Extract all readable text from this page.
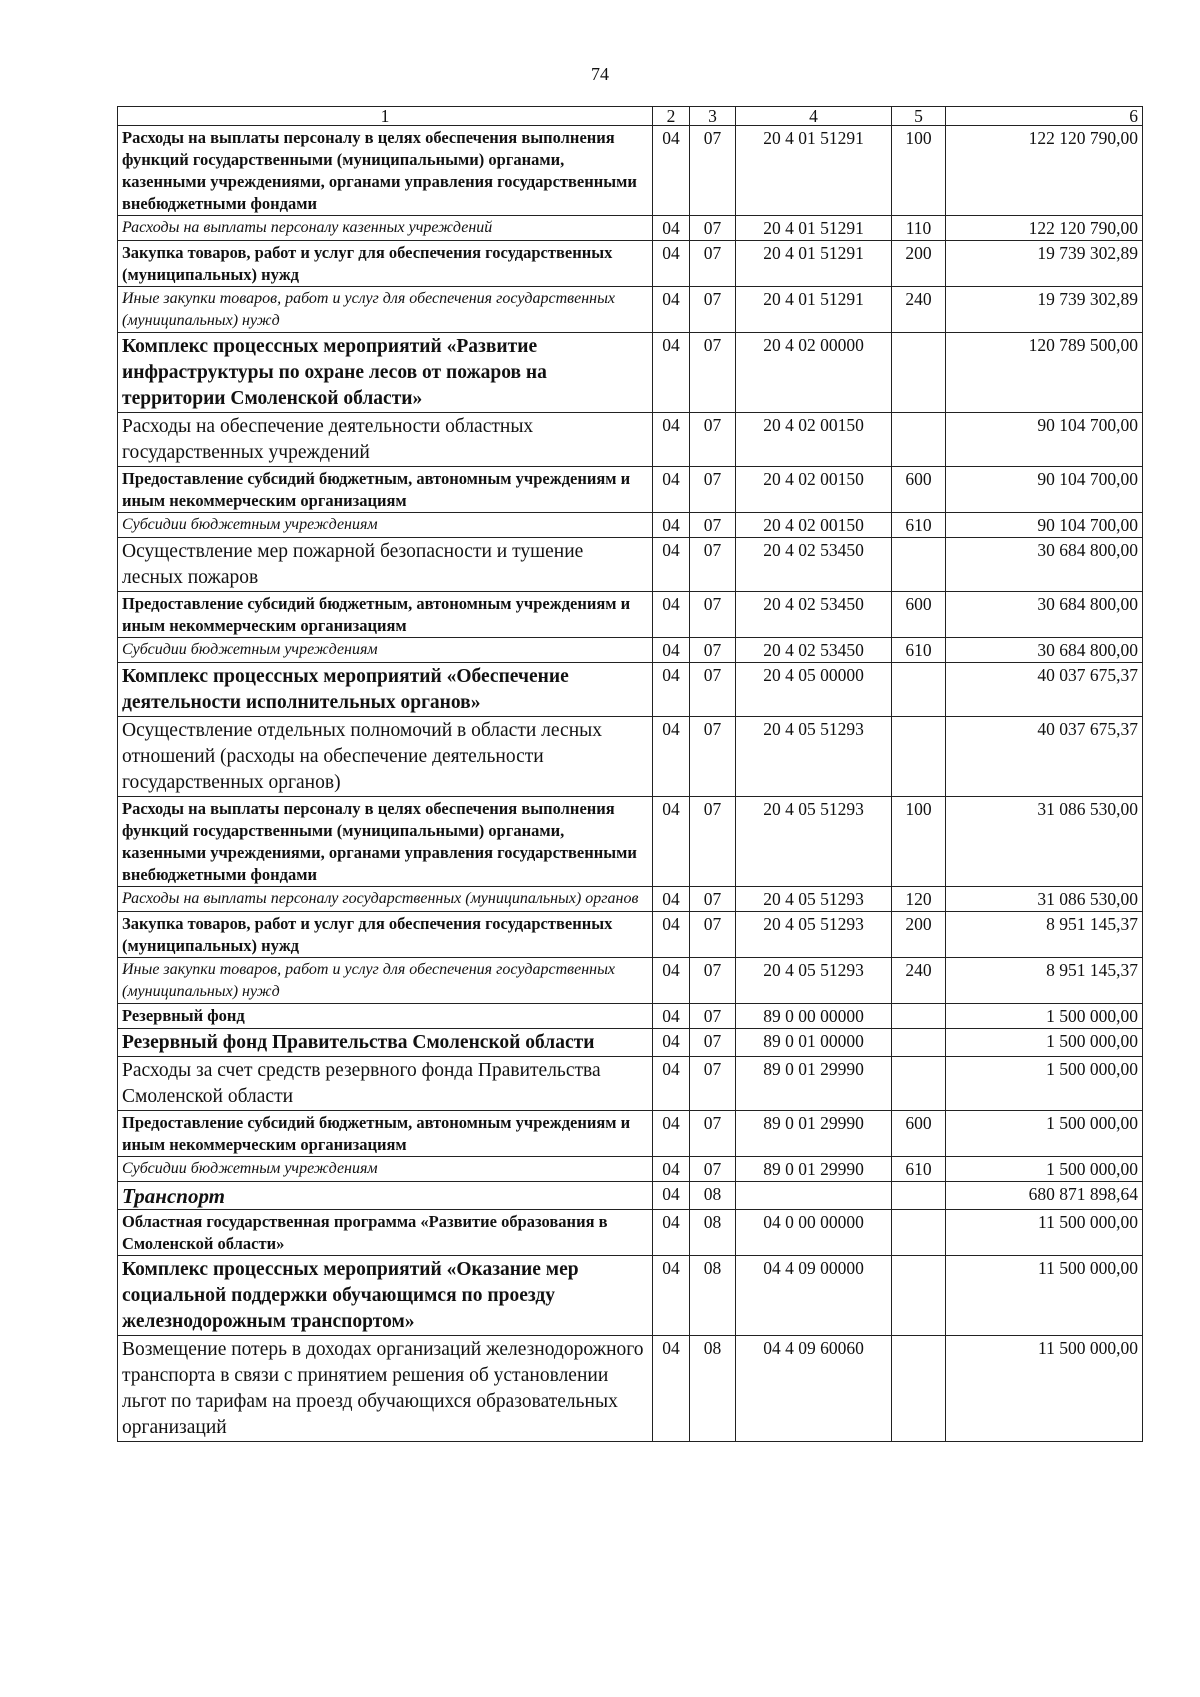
74
1	2	3	4	5	6
Расходы на выплаты персоналу в целях обеспечения выполнения функций государственными (муниципальными) органами, казенными учреждениями, органами управления государственными внебюджетными фондами	04	07	20 4 01 51291	100	122 120 790,00
Расходы на выплаты персоналу казенных учреждений	04	07	20 4 01 51291	110	122 120 790,00
Закупка товаров, работ и услуг для обеспечения государственных (муниципальных) нужд	04	07	20 4 01 51291	200	19 739 302,89
Иные закупки товаров, работ и услуг для обеспечения государственных (муниципальных) нужд	04	07	20 4 01 51291	240	19 739 302,89
Комплекс процессных мероприятий «Развитие инфраструктуры по охране лесов от пожаров на территории Смоленской области»	04	07	20 4 02 00000		120 789 500,00
Расходы на обеспечение деятельности областных государственных учреждений	04	07	20 4 02 00150		90 104 700,00
Предоставление субсидий бюджетным, автономным учреждениям и иным некоммерческим организациям	04	07	20 4 02 00150	600	90 104 700,00
Субсидии бюджетным учреждениям	04	07	20 4 02 00150	610	90 104 700,00
Осуществление мер пожарной безопасности и тушение лесных пожаров	04	07	20 4 02 53450		30 684 800,00
Предоставление субсидий бюджетным, автономным учреждениям и иным некоммерческим организациям	04	07	20 4 02 53450	600	30 684 800,00
Субсидии бюджетным учреждениям	04	07	20 4 02 53450	610	30 684 800,00
Комплекс процессных мероприятий «Обеспечение деятельности исполнительных органов»	04	07	20 4 05 00000		40 037 675,37
Осуществление отдельных полномочий в области лесных отношений (расходы на обеспечение деятельности государственных органов)	04	07	20 4 05 51293		40 037 675,37
Расходы на выплаты персоналу в целях обеспечения выполнения функций государственными (муниципальными) органами, казенными учреждениями, органами управления государственными внебюджетными фондами	04	07	20 4 05 51293	100	31 086 530,00
Расходы на выплаты персоналу государственных (муниципальных) органов	04	07	20 4 05 51293	120	31 086 530,00
Закупка товаров, работ и услуг для обеспечения государственных (муниципальных) нужд	04	07	20 4 05 51293	200	8 951 145,37
Иные закупки товаров, работ и услуг для обеспечения государственных (муниципальных) нужд	04	07	20 4 05 51293	240	8 951 145,37
Резервный фонд	04	07	89 0 00 00000		1 500 000,00
Резервный фонд Правительства Смоленской области	04	07	89 0 01 00000		1 500 000,00
Расходы за счет средств резервного фонда Правительства Смоленской области	04	07	89 0 01 29990		1 500 000,00
Предоставление субсидий бюджетным, автономным учреждениям и иным некоммерческим организациям	04	07	89 0 01 29990	600	1 500 000,00
Субсидии бюджетным учреждениям	04	07	89 0 01 29990	610	1 500 000,00
Транспорт	04	08			680 871 898,64
Областная государственная программа «Развитие образования в Смоленской области»	04	08	04 0 00 00000		11 500 000,00
Комплекс процессных мероприятий «Оказание мер социальной поддержки обучающимся по проезду железнодорожным транспортом»	04	08	04 4 09 00000		11 500 000,00
Возмещение потерь в доходах организаций железнодорожного транспорта в связи с принятием решения об установлении льгот по тарифам на проезд обучающихся образовательных организаций	04	08	04 4 09 60060		11 500 000,00
